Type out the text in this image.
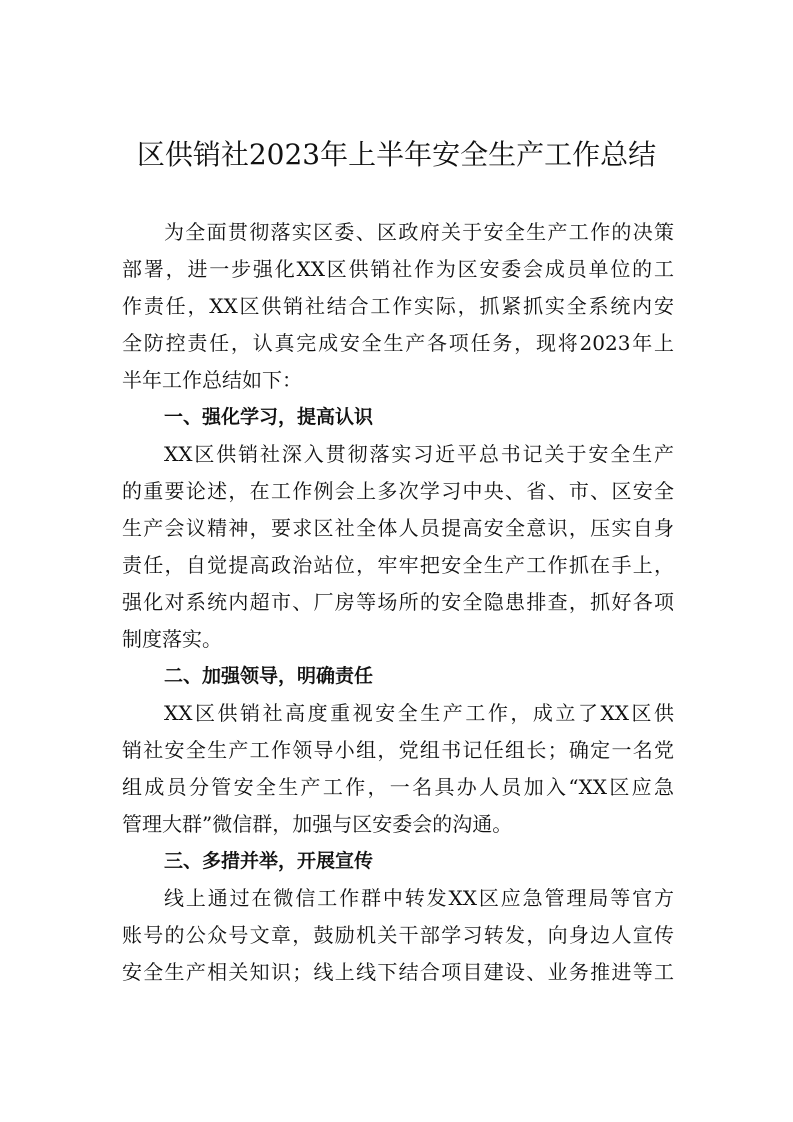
区供销社2023年上半年安全生产工作总结
为全面贯彻落实区委、区政府关于安全生产工作的决策
部署，进一步强化XX区供销社作为区安委会成员单位的工
作责任，XX区供销社结合工作实际，抓紧抓实全系统内安
全防控责任，认真完成安全生产各项任务，现将2023年上
半年工作总结如下：
一、强化学习，提高认识
XX区供销社深入贯彻落实习近平总书记关于安全生产
的重要论述，在工作例会上多次学习中央、省、市、区安全
生产会议精神，要求区社全体人员提高安全意识，压实自身
责任，自觉提高政治站位，牢牢把安全生产工作抓在手上，
强化对系统内超市、厂房等场所的安全隐患排查，抓好各项
制度落实。
二、加强领导，明确责任
XX区供销社高度重视安全生产工作，成立了XX区供
销社安全生产工作领导小组，党组书记任组长；确定一名党
组成员分管安全生产工作，一名具办人员加入“XX区应急
管理大群”微信群，加强与区安委会的沟通。
三、多措并举，开展宣传
线上通过在微信工作群中转发XX区应急管理局等官方
账号的公众号文章，鼓励机关干部学习转发，向身边人宣传
安全生产相关知识；线上线下结合项目建设、业务推进等工
